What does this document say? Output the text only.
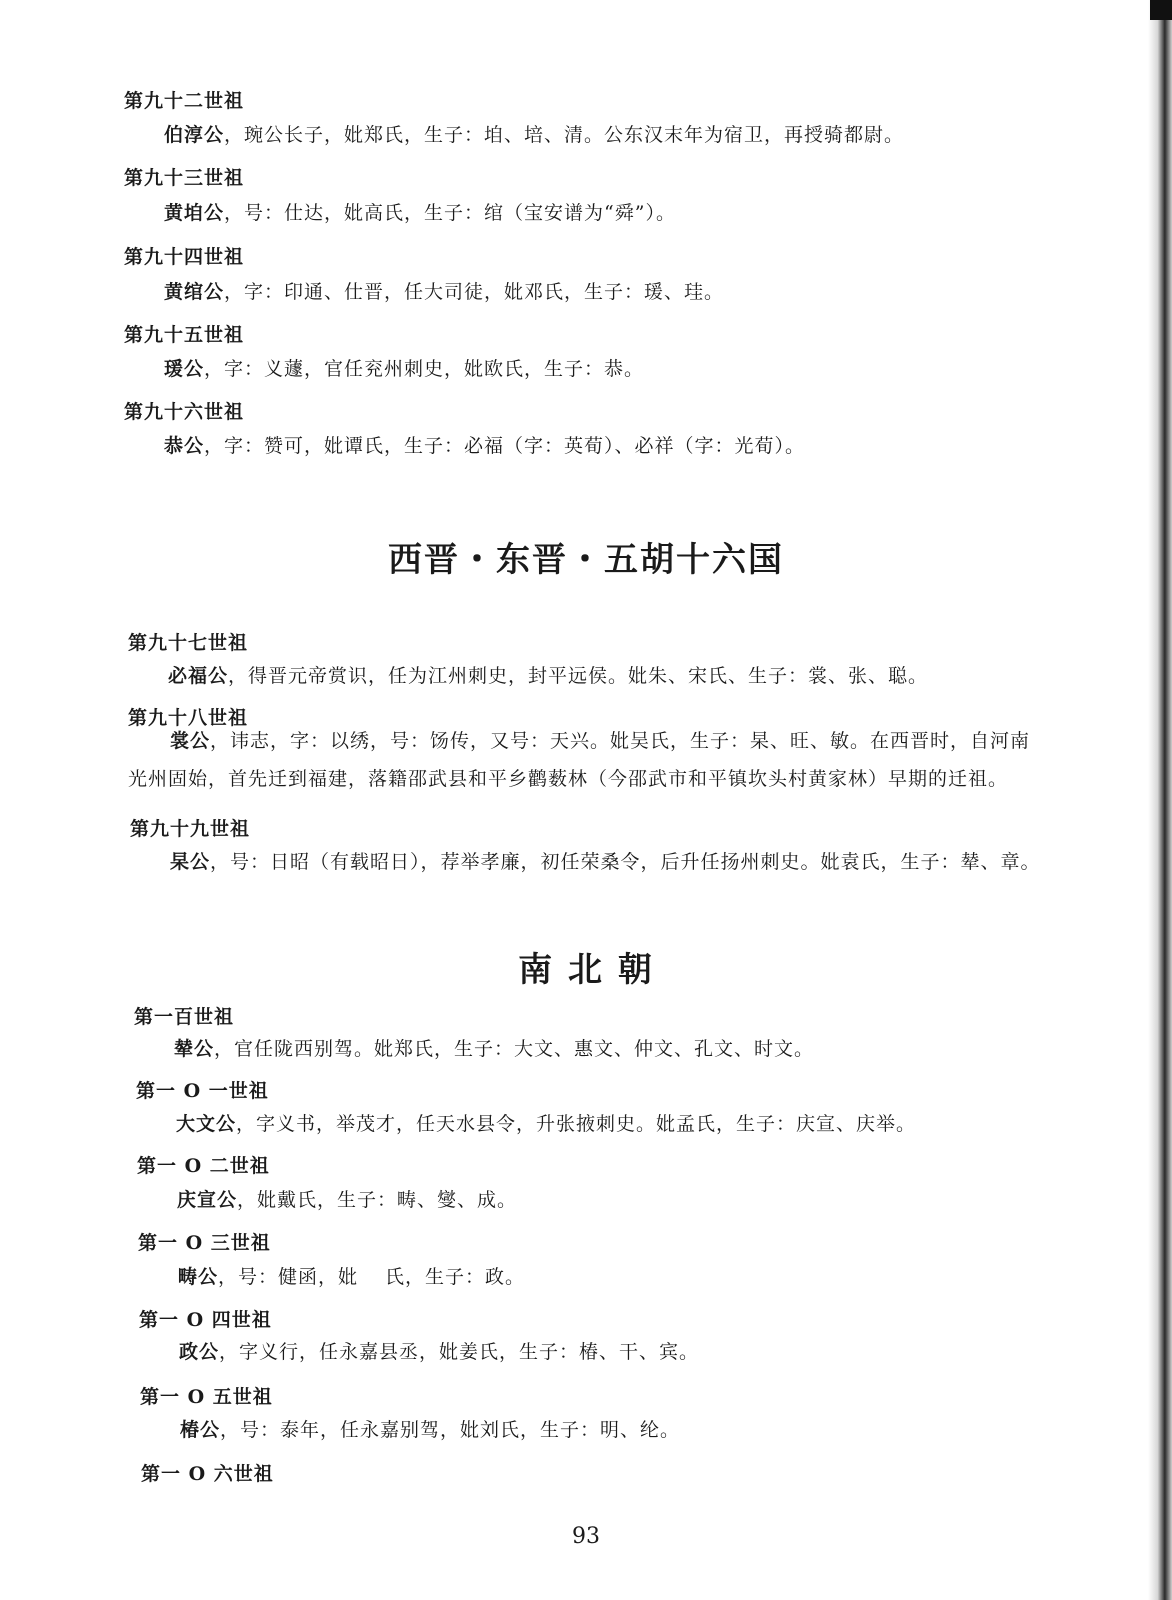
第九十二世祖
伯淳公，琬公长子，妣郑氏，生子：垍、培、清。公东汉末年为宿卫，再授骑都尉。
第九十三世祖
黄垍公，号：仕达，妣高氏，生子：绾（宝安谱为“舜”）。
第九十四世祖
黄绾公，字：印通、仕晋，任大司徒，妣邓氏，生子：瑗、珪。
第九十五世祖
瑗公，字：义蘧，官任兖州刺史，妣欧氏，生子：恭。
第九十六世祖
恭公，字：赞可，妣谭氏，生子：必福（字：英荀）、必祥（字：光荀）。
西晋・东晋・五胡十六国
第九十七世祖
必福公，得晋元帝赏识，任为江州刺史，封平远侯。妣朱、宋氏、生子：裳、张、聪。
第九十八世祖
裳公，讳志，字：以绣，号：饧传，又号：天兴。妣吴氏，生子：杲、旺、敏。在西晋时，自河南光州固始，首先迁到福建，落籍邵武县和平乡鹳薮林（今邵武市和平镇坎头村黄家林）早期的迁祖。
第九十九世祖
杲公，号：日昭（有载昭日），荐举孝廉，初任荣桑令，后升任扬州刺史。妣袁氏，生子：辇、章。
南 北 朝
第一百世祖
辇公，官任陇西别驾。妣郑氏，生子：大文、惠文、仲文、孔文、时文。
第一 O 一世祖
大文公，字义书，举茂才，任天水县令，升张掖刺史。妣孟氏，生子：庆宣、庆举。
第一 O 二世祖
庆宣公，妣戴氏，生子：畴、燮、成。
第一 O 三世祖
畴公，号：健函，妣　 氏，生子：政。
第一 O 四世祖
政公，字义行，任永嘉县丞，妣姜氏，生子：椿、干、宾。
第一 O 五世祖
椿公，号：泰年，任永嘉别驾，妣刘氏，生子：明、纶。
第一 O 六世祖
93
